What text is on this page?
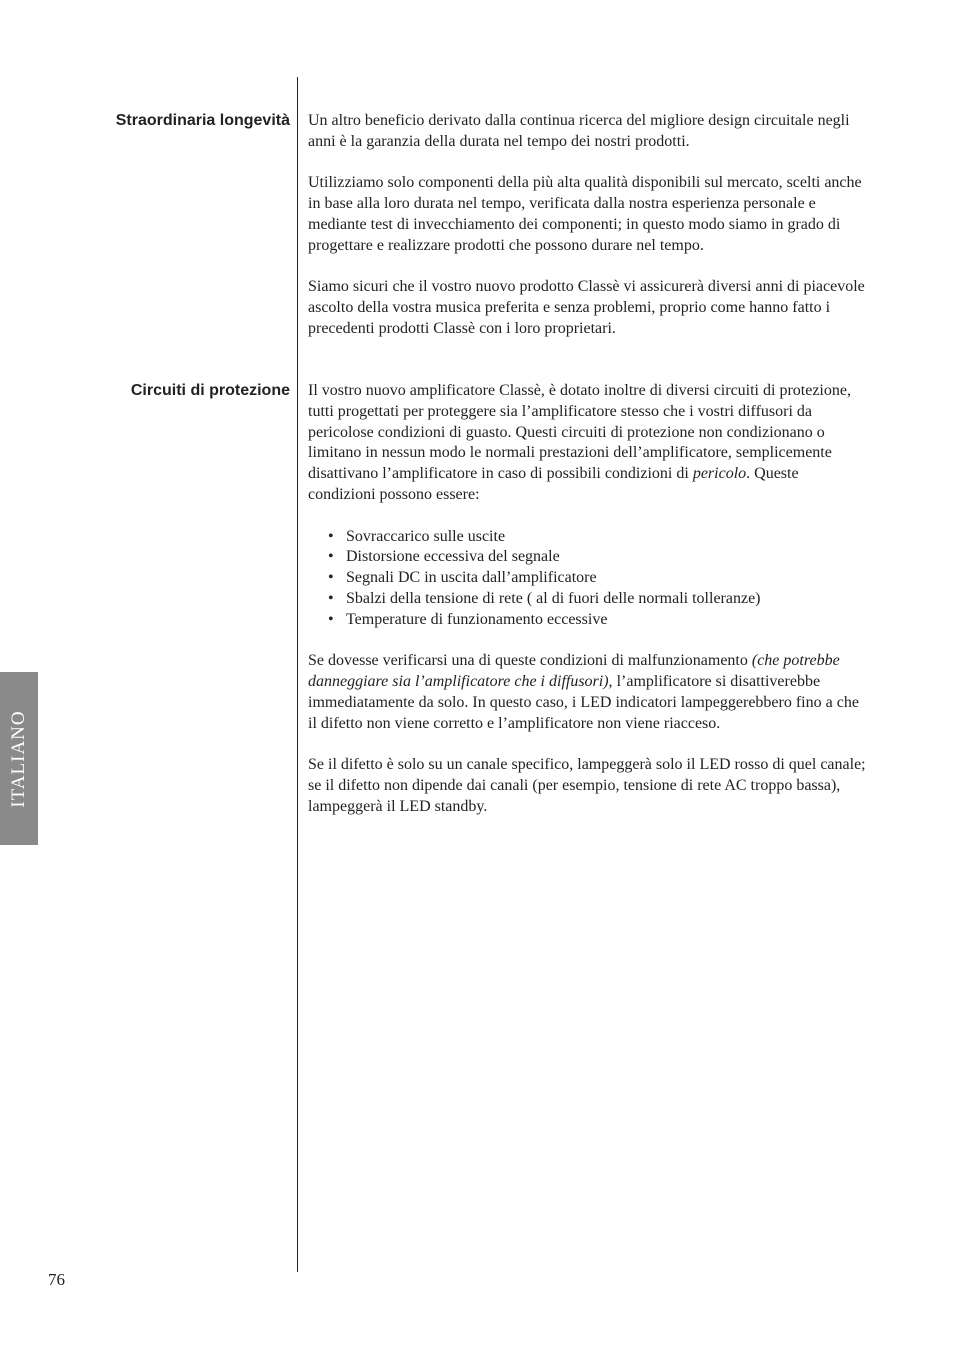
Straordinaria longevità Un altro beneficio derivato dalla continua ricerca del migliore design circuitale negli anni è la garanzia della durata nel tempo dei nostri prodotti.

Utilizziamo solo componenti della più alta qualità disponibili sul mercato, scelti anche in base alla loro durata nel tempo, verificata dalla nostra esperienza personale e mediante test di invecchiamento dei componenti; in questo modo siamo in grado di progettare e realizzare prodotti che possono durare nel tempo.

Siamo sicuri che il vostro nuovo prodotto Classè vi assicurerà diversi anni di piacevole ascolto della vostra musica preferita e senza problemi, proprio come hanno fatto i precedenti prodotti Classè con i loro proprietari.

Circuiti di protezione Il vostro nuovo amplificatore Classè, è dotato inoltre di diversi circuiti di protezione, tutti progettati per proteggere sia l’amplificatore stesso che i vostri diffusori da pericolose condizioni di guasto. Questi circuiti di protezione non condizionano o limitano in nessun modo le normali prestazioni dell’amplificatore, semplicemente disattivano l’amplificatore in caso di possibili condizioni di pericolo. Queste condizioni possono essere:

• Sovraccarico sulle uscite
• Distorsione eccessiva del segnale
• Segnali DC in uscita dall’amplificatore
• Sbalzi della tensione di rete ( al di fuori delle normali tolleranze)
• Temperature di funzionamento eccessive

Se dovesse verificarsi una di queste condizioni di malfunzionamento (che potrebbe danneggiare sia l’amplificatore che i diffusori), l’amplificatore si disattiverebbe immediatamente da solo. In questo caso, i LED indicatori lampeggerebbero fino a che il difetto non viene corretto e l’amplificatore non viene riacceso.

Se il difetto è solo su un canale specifico, lampeggerà solo il LED rosso di quel canale; se il difetto non dipende dai canali (per esempio, tensione di rete AC troppo bassa), lampeggerà il LED standby.

ITALIANO
76
